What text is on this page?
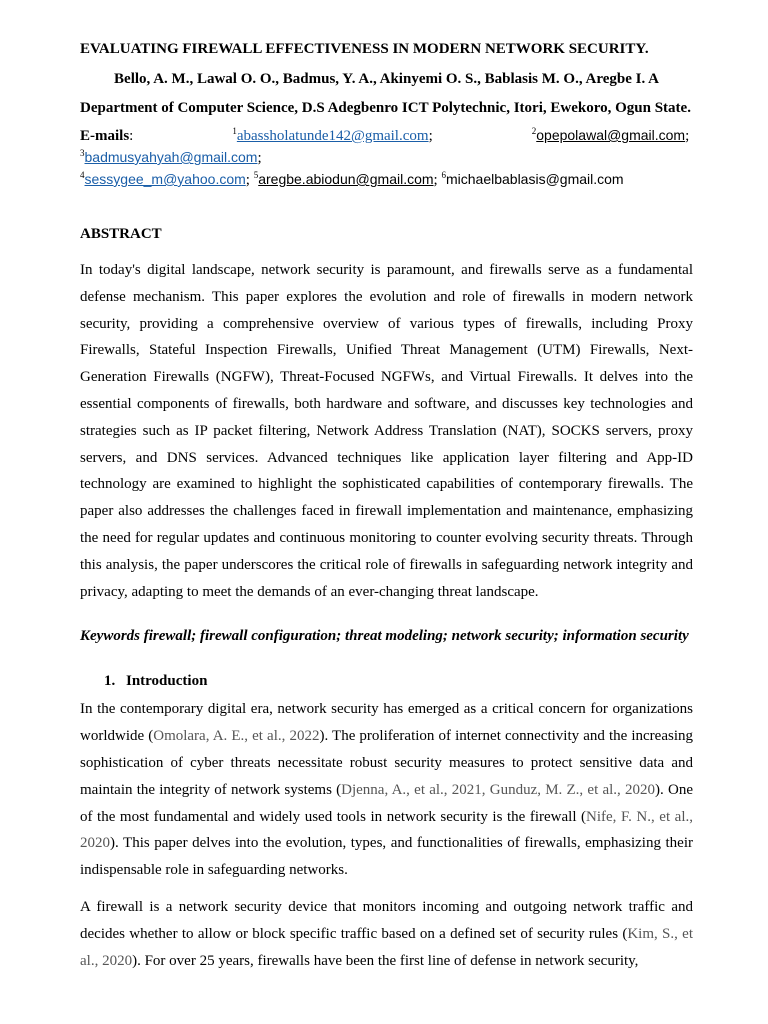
EVALUATING FIREWALL EFFECTIVENESS IN MODERN NETWORK SECURITY.
Bello, A. M., Lawal O. O., Badmus, Y. A., Akinyemi O. S., Bablasis M. O., Aregbe I. A
Department of Computer Science, D.S Adegbenro ICT Polytechnic, Itori, Ewekoro, Ogun State.
E-mails:  $^1$abassholatunde142@gmail.com;	$^2$opepolawal@gmail.com;  $^3$badmusyahyah@gmail.com;
$^4$sessygee_m@yahoo.com; $^5$aregbe.abiodun@gmail.com; $^6$michaelbablasis@gmail.com
ABSTRACT

In today's digital landscape, network security is paramount, and firewalls serve as a fundamental defense mechanism. This paper explores the evolution and role of firewalls in modern network security, providing a comprehensive overview of various types of firewalls, including Proxy Firewalls, Stateful Inspection Firewalls, Unified Threat Management (UTM) Firewalls, Next-Generation Firewalls (NGFW), Threat-Focused NGFWs, and Virtual Firewalls. It delves into the essential components of firewalls, both hardware and software, and discusses key technologies and strategies such as IP packet filtering, Network Address Translation (NAT), SOCKS servers, proxy servers, and DNS services. Advanced techniques like application layer filtering and App-ID technology are examined to highlight the sophisticated capabilities of contemporary firewalls. The paper also addresses the challenges faced in firewall implementation and maintenance, emphasizing the need for regular updates and continuous monitoring to counter evolving security threats. Through this analysis, the paper underscores the critical role of firewalls in safeguarding network integrity and privacy, adapting to meet the demands of an ever-changing threat landscape.

Keywords firewall; firewall configuration; threat modeling; network security; information security
1. Introduction

In the contemporary digital era, network security has emerged as a critical concern for organizations worldwide (Omolara, A. E., et al., 2022). The proliferation of internet connectivity and the increasing sophistication of cyber threats necessitate robust security measures to protect sensitive data and maintain the integrity of network systems (Djenna, A., et al., 2021, Gunduz, M. Z., et al., 2020). One of the most fundamental and widely used tools in network security is the firewall (Nife, F. N., et al., 2020). This paper delves into the evolution, types, and functionalities of firewalls, emphasizing their indispensable role in safeguarding networks.

A firewall is a network security device that monitors incoming and outgoing network traffic and decides whether to allow or block specific traffic based on a defined set of security rules (Kim, S., et al., 2020). For over 25 years, firewalls have been the first line of defense in network security,
